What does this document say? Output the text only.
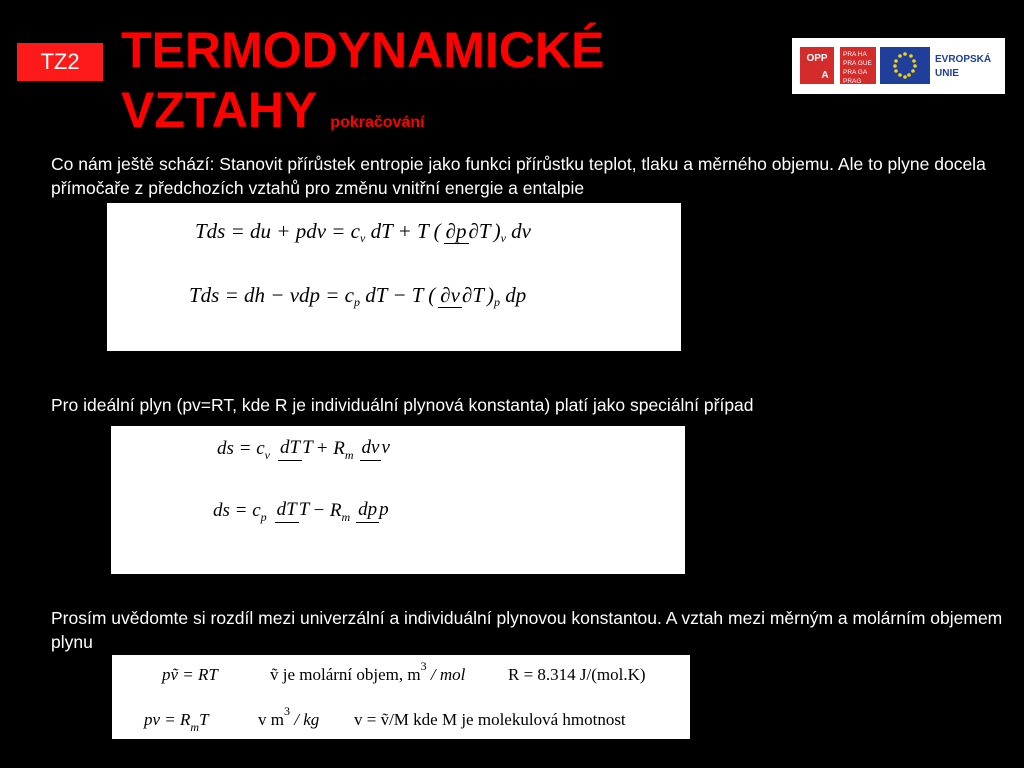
TZ2 TERMODYNAMICKÉ
VZTAHY pokračování
OPP
A
PRA HA
PRA GUE
PRA GA
PRAG
EVROPSKÁ
UNIE
Co nám ještě schází: Stanovit přírůstek entropie jako funkci přírůstku teplot, tlaku a měrného objemu. Ale to plyne docela přímočaře z předchozích vztahů pro změnu vnitřní energie a entalpie
Tds = du + pdv = c v
dT + T ( ∂p∂T ) v
dv
Tds = dh − vdp = c p
dT − T ( ∂v∂T ) p
dp
Pro ideální plyn (pv=RT, kde R je individuální plynová konstanta) platí jako speciální případ
ds = c v dT T + R m dv v
ds = c p dT T − R m dp p
Prosím uvědomte si rozdíl mezi univerzální a individuální plynovou konstantou. A vztah mezi měrným a molárním objemem plynu
pṽ = RT	ṽ je molární objem, m 3
/ mol	R = 8.314 J/(mol.K)
pv = R m T	v m 3
/ kg v = ṽ/M kde M je molekulová hmotnost
